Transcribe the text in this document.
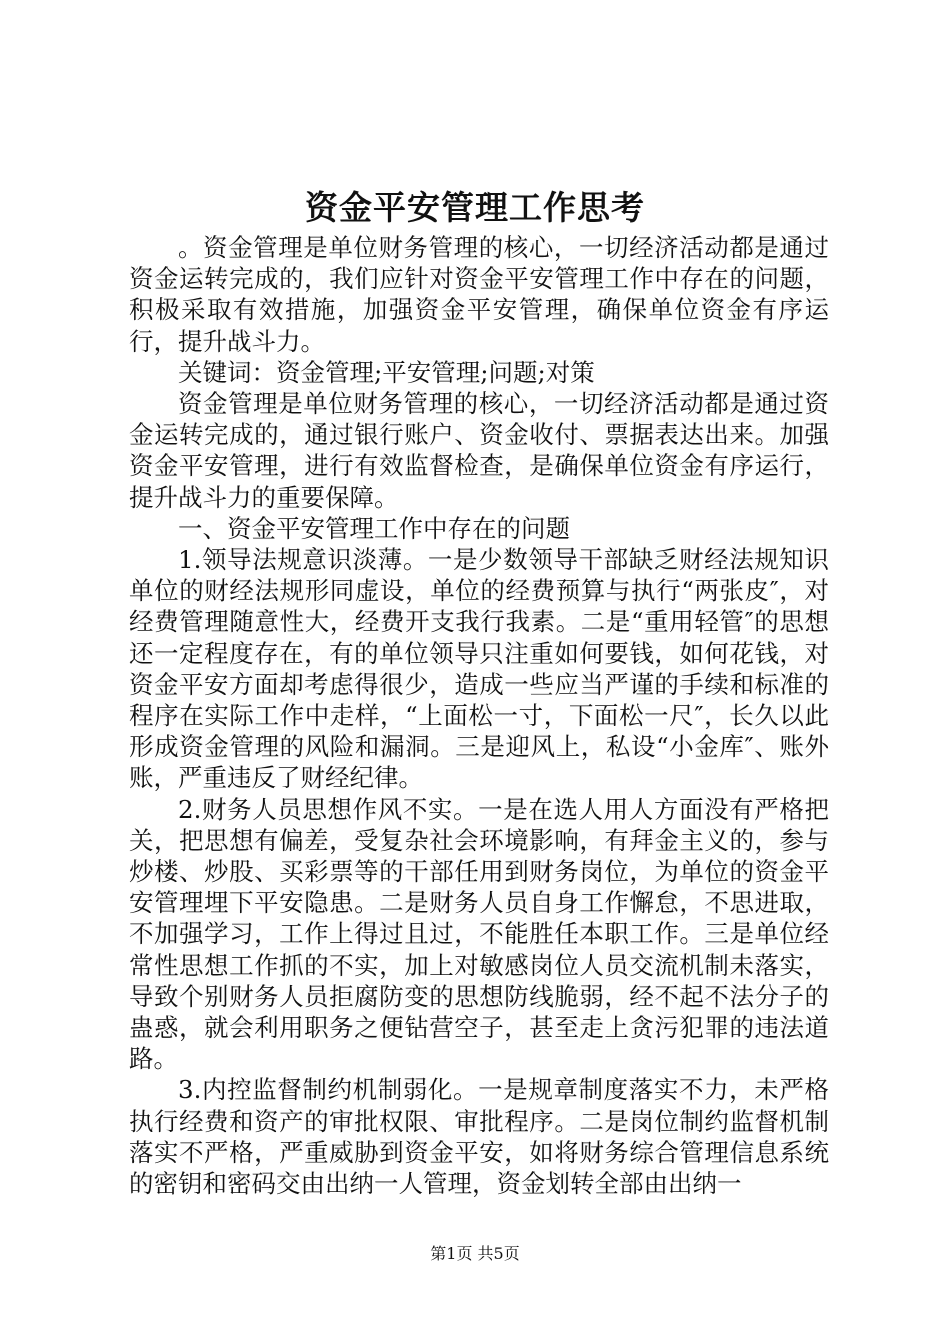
资金平安管理工作思考

。资金管理是单位财务管理的核心，一切经济活动都是通过资金运转完成的，我们应针对资金平安管理工作中存在的问题，积极采取有效措施，加强资金平安管理，确保单位资金有序运行，提升战斗力。

关键词：资金管理;平安管理;问题;对策

资金管理是单位财务管理的核心，一切经济活动都是通过资金运转完成的，通过银行账户、资金收付、票据表达出来。加强资金平安管理，进行有效监督检查，是确保单位资金有序运行，提升战斗力的重要保障。

一、资金平安管理工作中存在的问题

1.领导法规意识淡薄。一是少数领导干部缺乏财经法规知识单位的财经法规形同虚设，单位的经费预算与执行“两张皮″，对经费管理随意性大，经费开支我行我素。二是“重用轻管″的思想还一定程度存在，有的单位领导只注重如何要钱，如何花钱，对资金平安方面却考虑得很少，造成一些应当严谨的手续和标准的程序在实际工作中走样，“上面松一寸，下面松一尺″，长久以此形成资金管理的风险和漏洞。三是迎风上，私设“小金库″、账外账，严重违反了财经纪律。

2.财务人员思想作风不实。一是在选人用人方面没有严格把关，把思想有偏差，受复杂社会环境影响，有拜金主义的，参与炒楼、炒股、买彩票等的干部任用到财务岗位，为单位的资金平安管理埋下平安隐患。二是财务人员自身工作懈怠，不思进取，不加强学习，工作上得过且过，不能胜任本职工作。三是单位经常性思想工作抓的不实，加上对敏感岗位人员交流机制未落实，导致个别财务人员拒腐防变的思想防线脆弱，经不起不法分子的蛊惑，就会利用职务之便钻营空子，甚至走上贪污犯罪的违法道路。

3.内控监督制约机制弱化。一是规章制度落实不力，未严格执行经费和资产的审批权限、审批程序。二是岗位制约监督机制落实不严格，严重威胁到资金平安，如将财务综合管理信息系统的密钥和密码交由出纳一人管理，资金划转全部由出纳一

第1页 共5页
